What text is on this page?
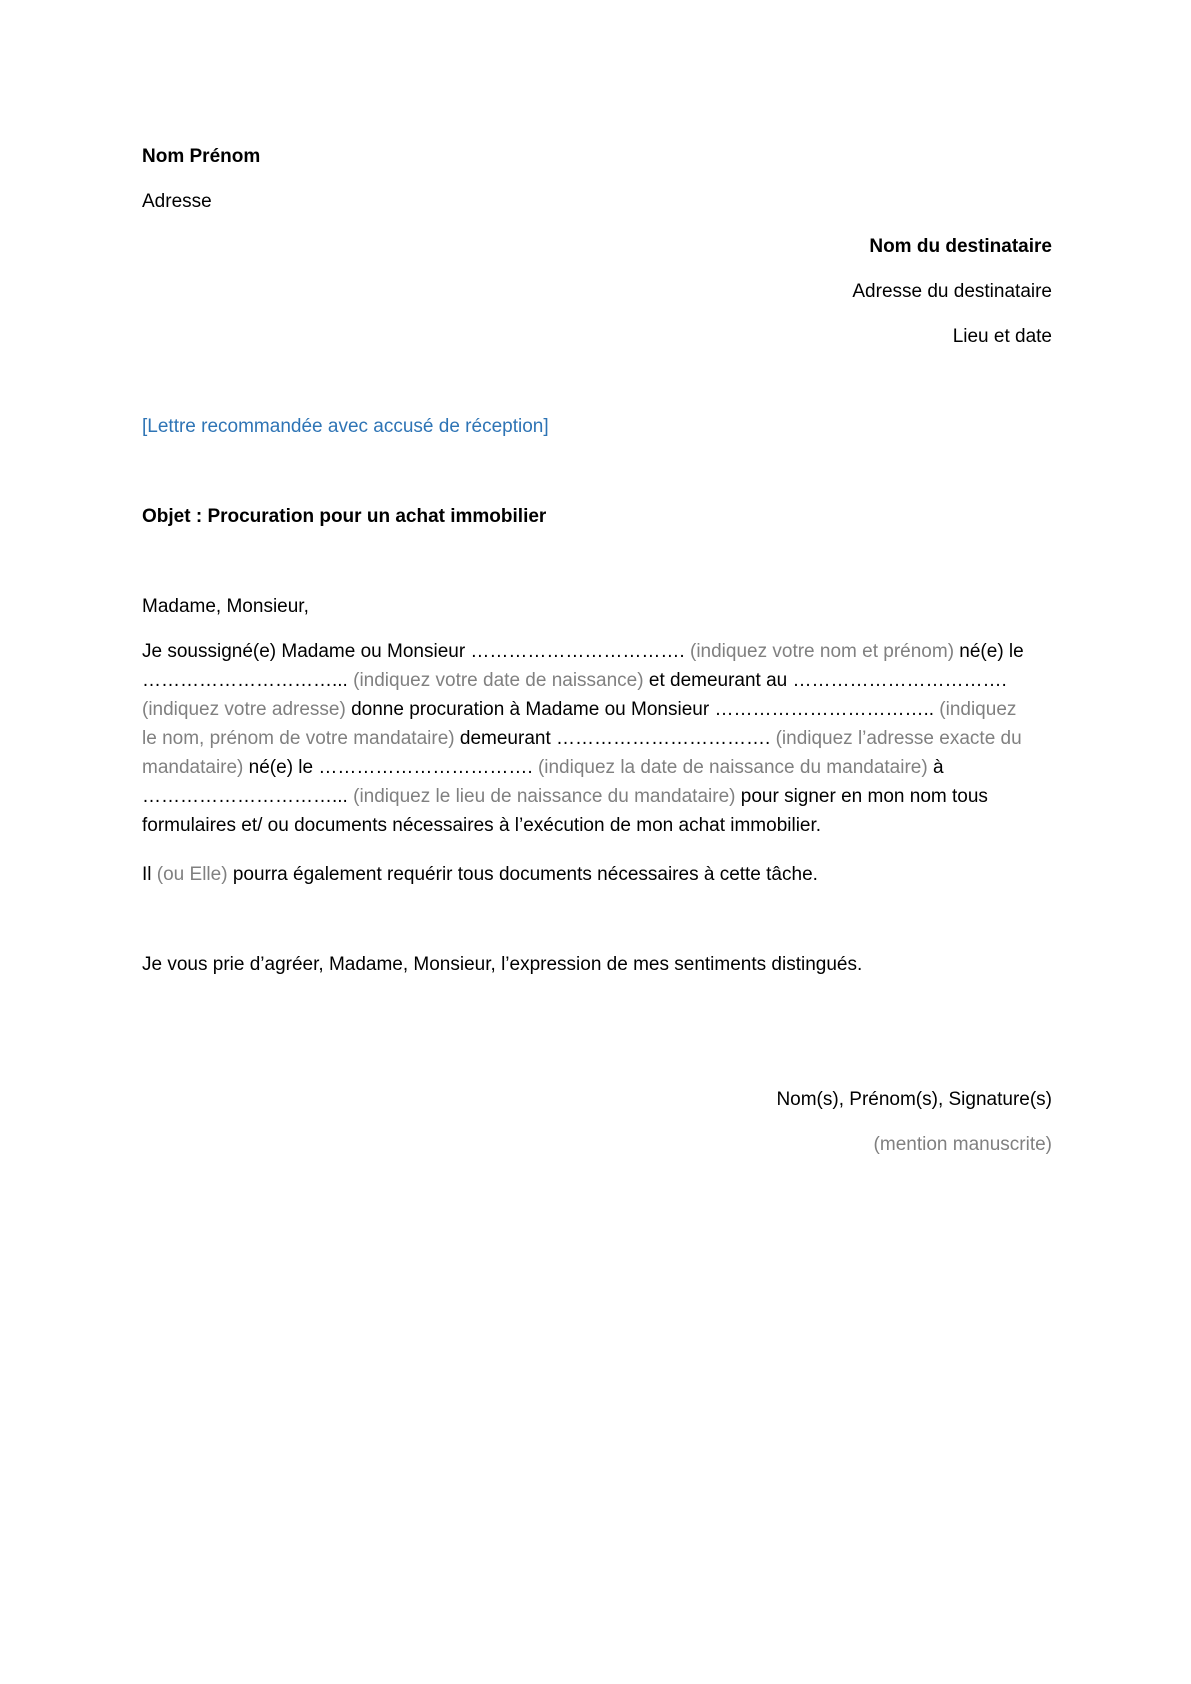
Nom Prénom

Adresse

Nom du destinataire

Adresse du destinataire

Lieu et date

[Lettre recommandée avec accusé de réception]

Objet : Procuration pour un achat immobilier

Madame, Monsieur,

Je soussigné(e) Madame ou Monsieur ……………………………. (indiquez votre nom et prénom) né(e) le
…………………………... (indiquez votre date de naissance) et demeurant au …………………………….
(indiquez votre adresse) donne procuration à Madame ou Monsieur …………………………….. (indiquez
le nom, prénom de votre mandataire) demeurant ……………………………. (indiquez l’adresse exacte du
mandataire) né(e) le ……………………………. (indiquez la date de naissance du mandataire) à
…………………………... (indiquez le lieu de naissance du mandataire) pour signer en mon nom tous
formulaires et/ ou documents nécessaires à l’exécution de mon achat immobilier.
Il (ou Elle) pourra également requérir tous documents nécessaires à cette tâche.

Je vous prie d’agréer, Madame, Monsieur, l’expression de mes sentiments distingués.

Nom(s), Prénom(s), Signature(s)

(mention manuscrite)
